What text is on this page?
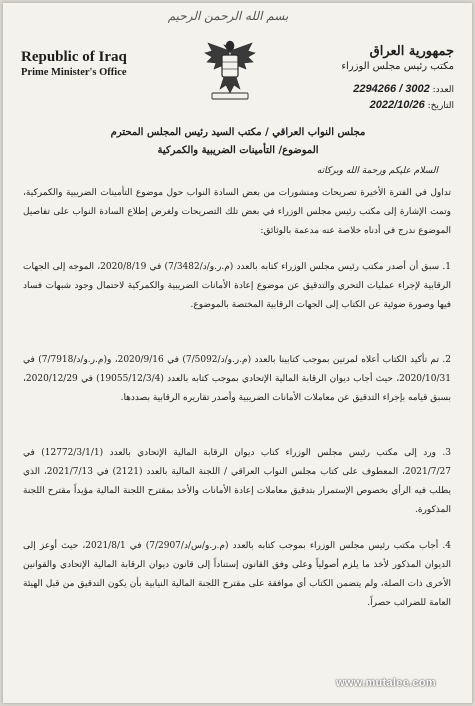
بسم الله الرحمن الرحيم
Republic of Iraq
Prime Minister's Office
جمهورية العراق
مكتب رئيس مجلس الوزراء
العدد: 3002 / 2294266
التاريخ: 2022/10/26
مجلس النواب العراقي / مكتب السيد رئيس المجلس المحترم
الموضوع/ التأمينات الضريبية والكمركية
السلام عليكم ورحمة الله وبركاته
تداول في الفترة الأخيرة تصريحات ومنشورات من بعض السادة النواب حول موضوع التأمينات الضريبية والكمركية، وتمت الإشارة إلى مكتب رئيس مجلس الوزراء في بعض تلك التصريحات ولغرض إطلاع السادة النواب على تفاصيل الموضوع ندرج في أدناه خلاصة عنه مدعمة بالوثائق:
1. سبق أن أصدر مكتب رئيس مجلس الوزراء كتابه بالعدد (م.ر.و/د/7/3482) في 2020/8/19، الموجه إلى الجهات الرقابية لإجراء عمليات التحري والتدقيق عن موضوع إعادة الأمانات الضريبية والكمركية لاحتمال وجود شبهات فساد فيها وصورة ضوئية عن الكتاب إلى الجهات الرقابية المختصة بالموضوع.
2. تم تأكيد الكتاب أعلاه لمرتين بموجب كتابينا بالعدد (م.ر.و/د/7/5092) في 2020/9/16، و(م.ر.و/د/7/7918) في 2020/10/31، حيث أجاب ديوان الرقابة المالية الإتحادي بموجب كتابه بالعدد (19055/12/3/4) في 2020/12/29، بسبق قيامه بإجراء التدقيق عن معاملات الأمانات الضريبية وأصدر تقاريره الرقابية بصددها.
3. ورد إلى مكتب رئيس مجلس الوزراء كتاب ديوان الرقابة المالية الإتحادي بالعدد (12772/3/1/1) في 2021/7/27، المعطوف على كتاب مجلس النواب العراقي / اللجنة المالية بالعدد (2121) في 2021/7/13، الذي يطلب فيه الرأي بخصوص الإستمرار بتدقيق معاملات إعادة الأمانات والأخذ بمقترح اللجنة المالية مؤيداً مقترح اللجنة المذكورة.
4. أجاب مكتب رئيس مجلس الوزراء بموجب كتابه بالعدد (م.ر.و/س/د/7/2907) في 2021/8/1، حيث أوعز إلى الديوان المذكور لأخذ ما يلزم أصولياً وعلى وفق القانون إستناداً إلى قانون ديوان الرقابة المالية الإتحادي والقوانين الأخرى ذات الصلة، ولم يتضمن الكتاب أي موافقة على مقترح اللجنة المالية النيابية بأن يكون التدقيق من قبل الهيئة العامة للضرائب حصراً.
www.mutalee.com
